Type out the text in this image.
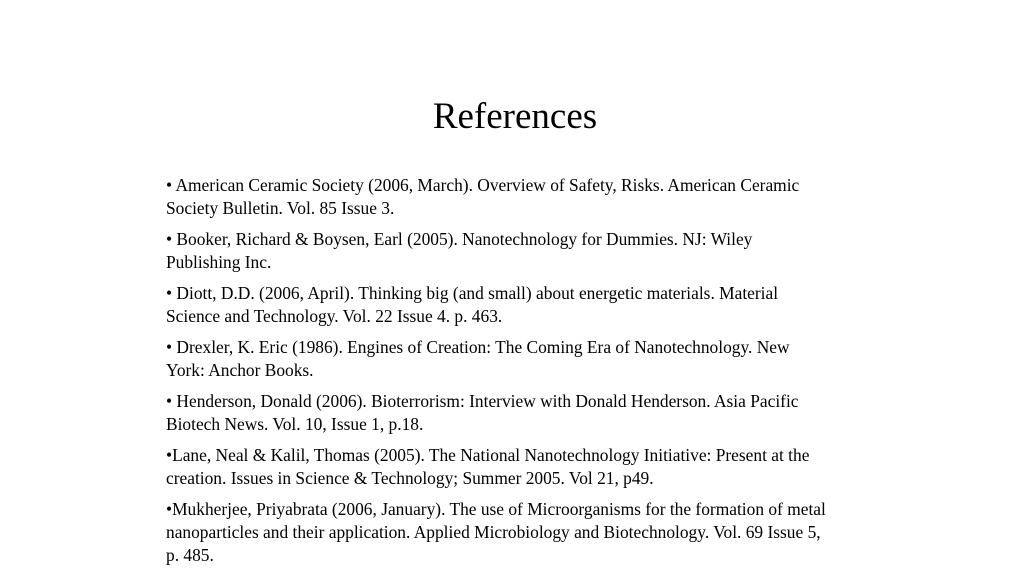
References
• American Ceramic Society (2006, March). Overview of Safety, Risks. American Ceramic Society Bulletin. Vol. 85 Issue 3.
• Booker, Richard & Boysen, Earl (2005). Nanotechnology for Dummies. NJ: Wiley Publishing Inc.
• Diott, D.D. (2006, April). Thinking big (and small) about energetic materials. Material Science and Technology. Vol. 22 Issue 4. p. 463.
• Drexler, K. Eric (1986). Engines of Creation: The Coming Era of Nanotechnology. New York: Anchor Books.
• Henderson, Donald (2006). Bioterrorism: Interview with Donald Henderson. Asia Pacific Biotech News. Vol. 10, Issue 1, p.18.
•Lane, Neal & Kalil, Thomas (2005). The National Nanotechnology Initiative: Present at the creation. Issues in Science & Technology; Summer 2005. Vol 21, p49.
•Mukherjee, Priyabrata (2006, January). The use of Microorganisms for the formation of metal nanoparticles and their application. Applied Microbiology and Biotechnology. Vol. 69 Issue 5, p. 485.
